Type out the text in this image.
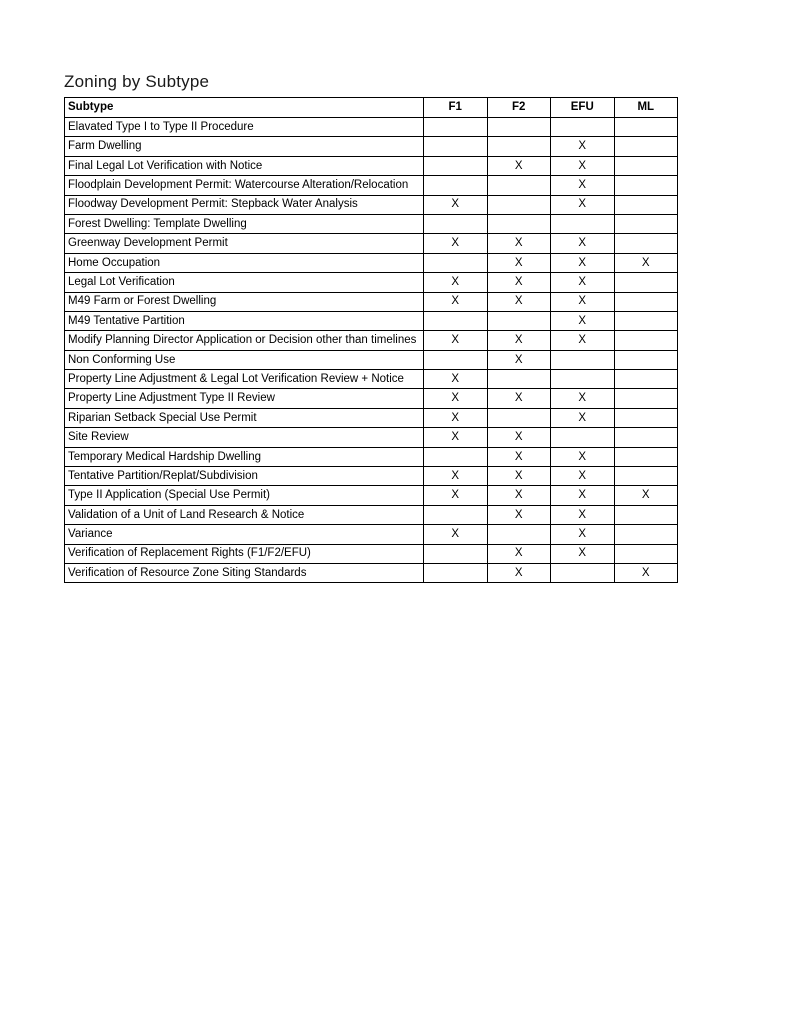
Zoning by Subtype
Subtype	F1	F2	EFU	ML
Elavated Type I to Type II Procedure				
Farm Dwelling			X	
Final Legal Lot Verification with Notice		X	X	
Floodplain Development Permit: Watercourse Alteration/Relocation			X	
Floodway Development Permit: Stepback Water Analysis	X		X	
Forest Dwelling: Template Dwelling				
Greenway Development Permit	X	X	X	
Home Occupation		X	X	X
Legal Lot Verification	X	X	X	
M49 Farm or Forest Dwelling	X	X	X	
M49 Tentative Partition			X	
Modify Planning Director Application or Decision other than timelines	X	X	X	
Non Conforming Use		X		
Property Line Adjustment & Legal Lot Verification Review + Notice	X			
Property Line Adjustment Type II Review	X	X	X	
Riparian Setback Special Use Permit	X		X	
Site Review	X	X		
Temporary Medical Hardship Dwelling		X	X	
Tentative Partition/Replat/Subdivision	X	X	X	
Type II Application (Special Use Permit)	X	X	X	X
Validation of a Unit of Land Research & Notice		X	X	
Variance	X		X	
Verification of Replacement Rights (F1/F2/EFU)		X	X	
Verification of Resource Zone Siting Standards		X		X
